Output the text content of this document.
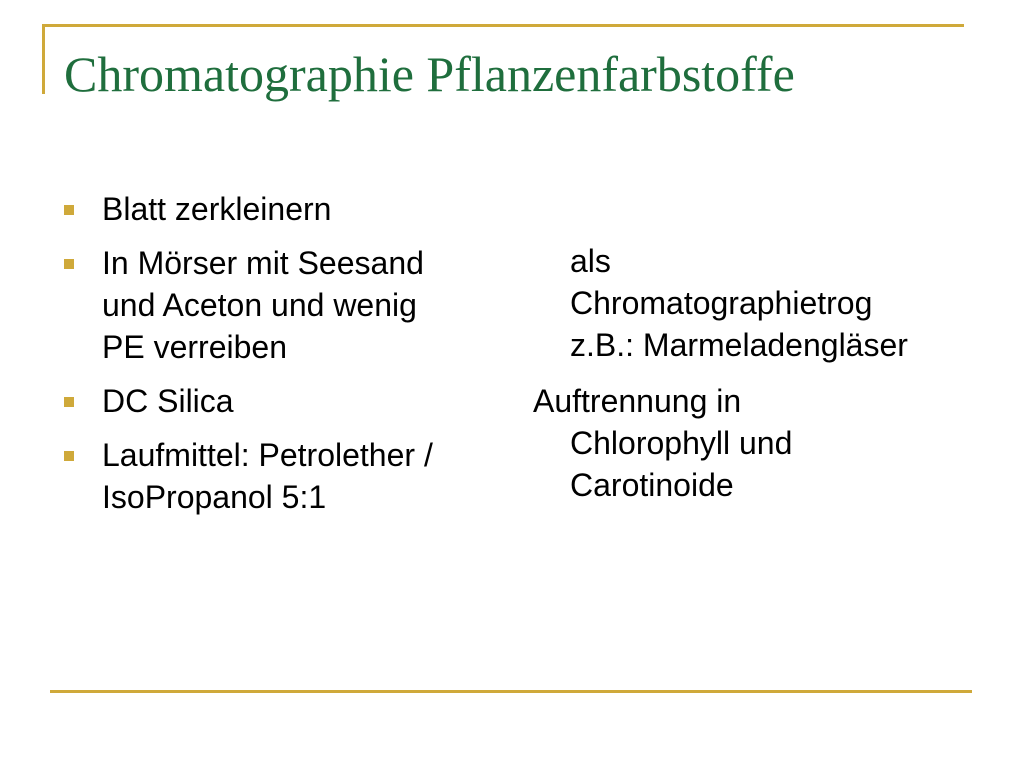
Chromatographie Pflanzenfarbstoffe
Blatt zerkleinern
In Mörser mit Seesand
und Aceton und wenig
PE verreiben
DC Silica
Laufmittel: Petrolether /
IsoPropanol 5:1
als
Chromatographietrog
z.B.: Marmeladengläser
Auftrennung in
Chlorophyll und
Carotinoide
